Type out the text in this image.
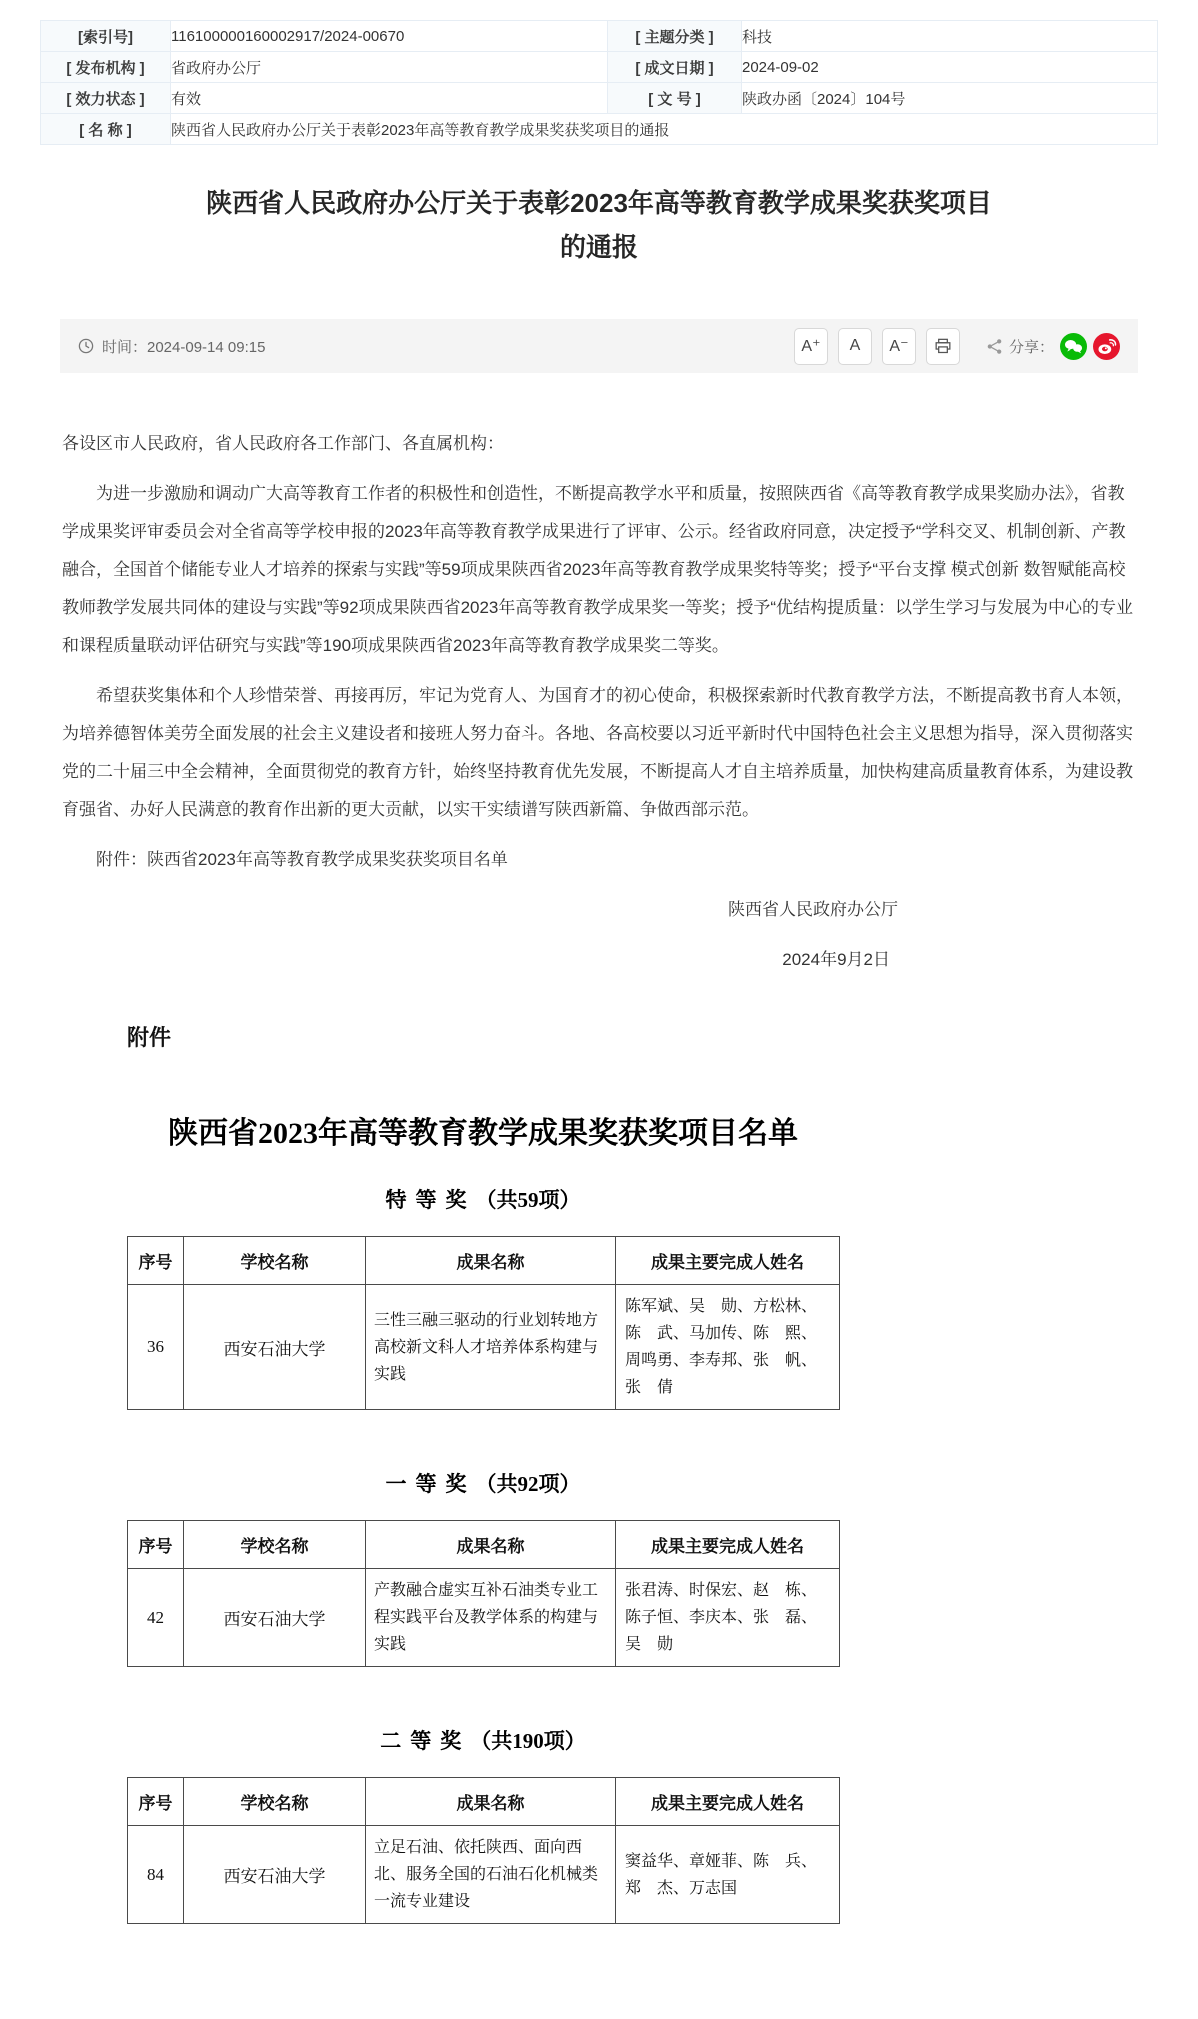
[索引号]	116100000160002917/2024-00670	[ 主题分类 ]	科技
[ 发布机构 ]	省政府办公厅	[ 成文日期 ]	2024-09-02
[ 效力状态 ]	有效	[ 文 号 ]	陕政办函〔2024〕104号
[ 名 称 ]	陕西省人民政府办公厅关于表彰2023年高等教育教学成果奖获奖项目的通报		
陕西省人民政府办公厅关于表彰2023年高等教育教学成果奖获奖项目的通报
时间：2024-09-14 09:15	A⁺	A	A⁻	分享：

各设区市人民政府，省人民政府各工作部门、各直属机构：

为进一步激励和调动广大高等教育工作者的积极性和创造性，不断提高教学水平和质量，按照陕西省《高等教育教学成果奖励办法》，省教学成果奖评审委员会对全省高等学校申报的2023年高等教育教学成果进行了评审、公示。经省政府同意，决定授予“学科交叉、机制创新、产教融合，全国首个储能专业人才培养的探索与实践”等59项成果陕西省2023年高等教育教学成果奖特等奖；授予“平台支撑 模式创新 数智赋能高校教师教学发展共同体的建设与实践”等92项成果陕西省2023年高等教育教学成果奖一等奖；授予“优结构提质量：以学生学习与发展为中心的专业和课程质量联动评估研究与实践”等190项成果陕西省2023年高等教育教学成果奖二等奖。

希望获奖集体和个人珍惜荣誉、再接再厉，牢记为党育人、为国育才的初心使命，积极探索新时代教育教学方法，不断提高教书育人本领，为培养德智体美劳全面发展的社会主义建设者和接班人努力奋斗。各地、各高校要以习近平新时代中国特色社会主义思想为指导，深入贯彻落实党的二十届三中全会精神，全面贯彻党的教育方针，始终坚持教育优先发展，不断提高人才自主培养质量，加快构建高质量教育体系，为建设教育强省、办好人民满意的教育作出新的更大贡献，以实干实绩谱写陕西新篇、争做西部示范。

附件：陕西省2023年高等教育教学成果奖获奖项目名单

陕西省人民政府办公厅

2024年9月2日

附件
陕西省2023年高等教育教学成果奖获奖项目名单
特等奖（共59项）
序号	学校名称	成果名称	成果主要完成人姓名
36	西安石油大学	三性三融三驱动的行业划转地方高校新文科人才培养体系构建与实践	陈军斌、吴　勋、方松林、陈　武、马加传、陈　熙、周鸣勇、李寿邦、张　帆、张　倩
一等奖（共92项）
序号	学校名称	成果名称	成果主要完成人姓名
42	西安石油大学	产教融合虚实互补石油类专业工程实践平台及教学体系的构建与实践	张君涛、时保宏、赵　栋、陈子恒、李庆本、张　磊、吴　勋
二等奖（共190项）
序号	学校名称	成果名称	成果主要完成人姓名
84	西安石油大学	立足石油、依托陕西、面向西北、服务全国的石油石化机械类一流专业建设	窦益华、章娅菲、陈　兵、郑　杰、万志国
